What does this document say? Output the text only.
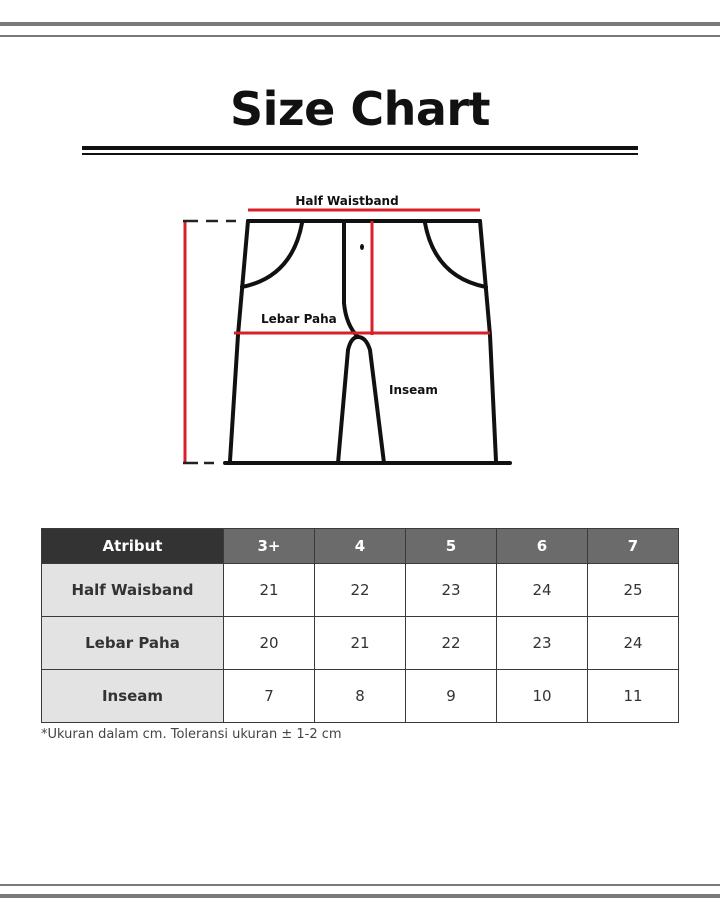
Size Chart
Half Waistband
Lebar Paha
Inseam
Atribut	3+	4	5	6	7
Half Waisband	21	22	23	24	25
Lebar Paha	20	21	22	23	24
Inseam	7	8	9	10	11
*Ukuran dalam cm. Toleransi ukuran ± 1-2 cm
